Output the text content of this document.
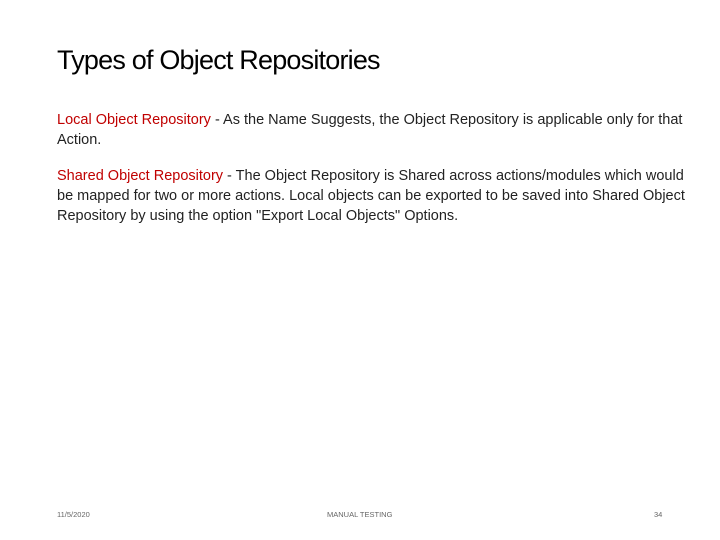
Types of Object Repositories

Local Object Repository - As the Name Suggests, the Object Repository is applicable only for that Action.

Shared Object Repository - The Object Repository is Shared across actions/modules which would be mapped for two or more actions. Local objects can be exported to be saved into Shared Object Repository by using the option "Export Local Objects" Options.

11/5/2020	MANUAL TESTING	34
